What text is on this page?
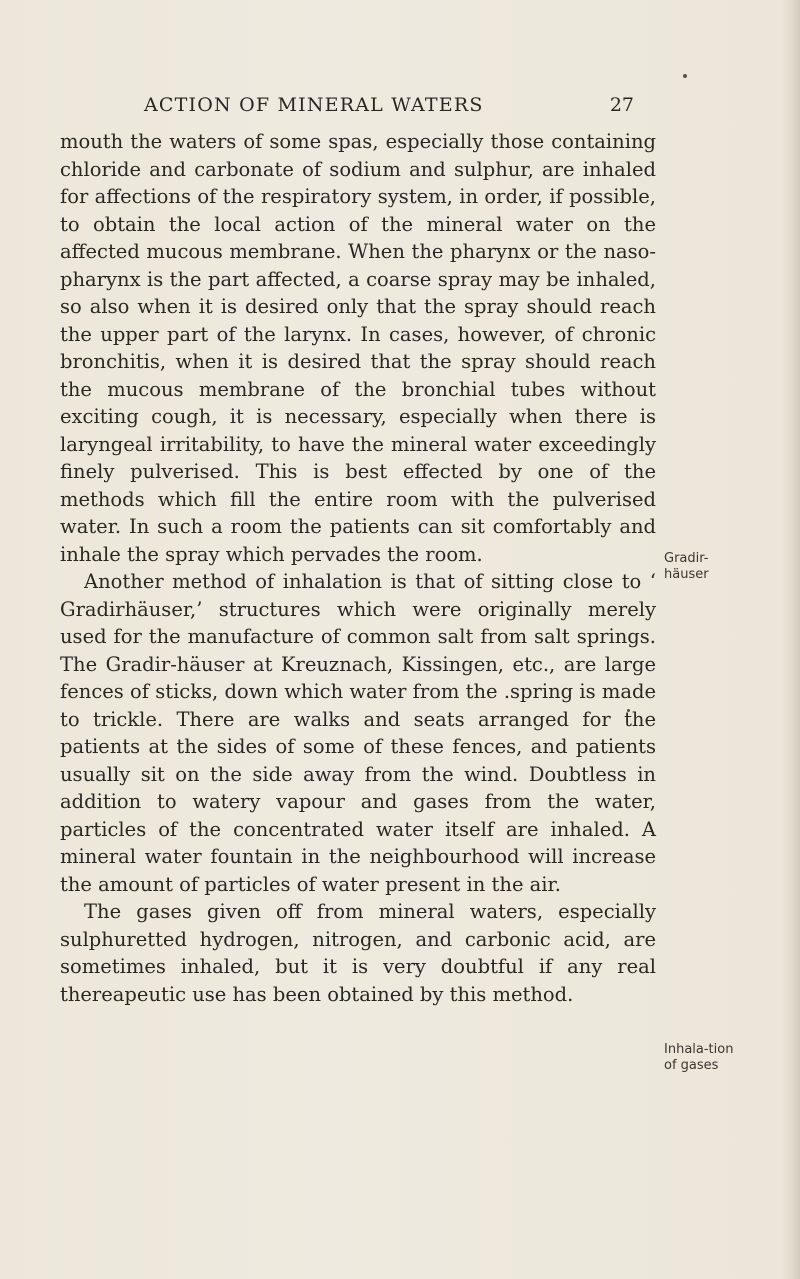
ACTION OF MINERAL WATERS	27

mouth the waters of some spas, especially those containing chloride and carbonate of sodium and sulphur, are inhaled for affections of the respiratory system, in order, if possible, to obtain the local action of the mineral water on the affected mucous membrane. When the pharynx or the naso-pharynx is the part affected, a coarse spray may be inhaled, so also when it is desired only that the spray should reach the upper part of the larynx. In cases, however, of chronic bronchitis, when it is desired that the spray should reach the mucous membrane of the bronchial tubes without exciting cough, it is necessary, especially when there is laryngeal irritability, to have the mineral water exceedingly finely pulverised. This is best effected by one of the methods which fill the entire room with the pulverised water. In such a room the patients can sit comfortably and inhale the spray which pervades the room.

Another method of inhalation is that of sitting close to ‘ Gradirhäuser,’ structures which were originally merely used for the manufacture of common salt from salt springs. The Gradir-häuser at Kreuznach, Kissingen, etc., are large fences of sticks, down which water from the .spring is made to trickle. There are walks and seats arranged for the patients at the sides of some of these fences, and patients usually sit on the side away from the wind. Doubtless in addition to watery vapour and gases from the water, particles of the concentrated water itself are inhaled. A mineral water fountain in the neighbourhood will increase the amount of particles of water present in the air.

The gases given off from mineral waters, especially sulphuretted hydrogen, nitrogen, and carbonic acid, are sometimes inhaled, but it is very doubtful if any real thereapeutic use has been obtained by this method.

Gradir-häuser
Inhala-tion of gases
